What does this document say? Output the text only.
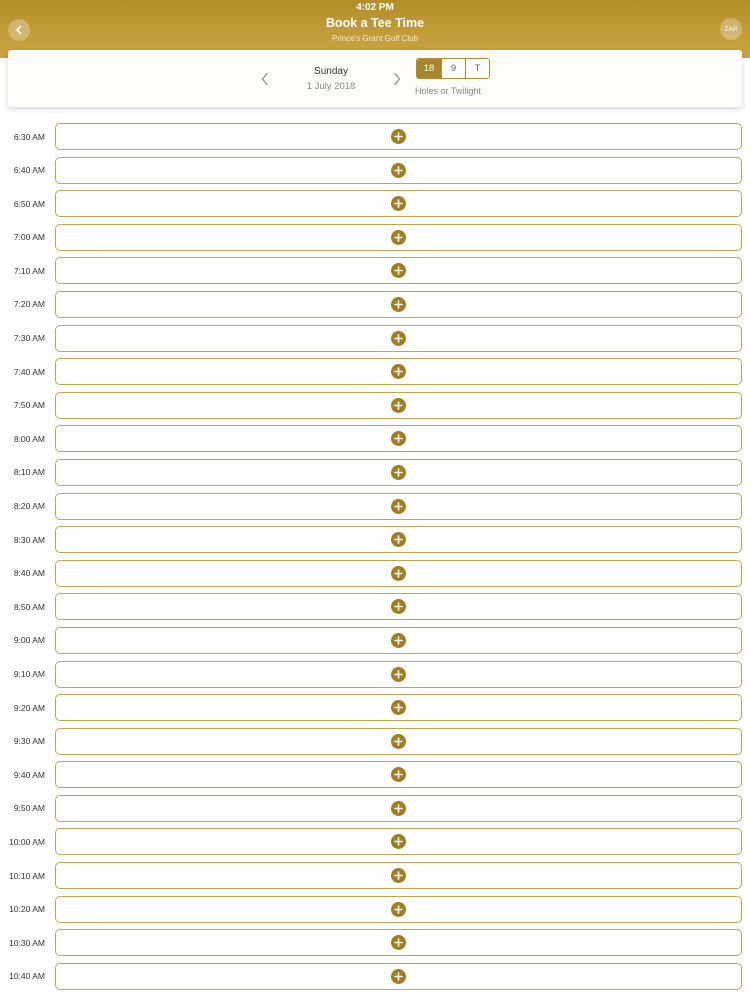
4:02 PM
Book a Tee Time
Prince's Grant Golf Club
ZAR
Sunday
1 July 2018
18	9	T
Holes or Twilight
6:30 AM
6:40 AM
6:50 AM
7:00 AM
7:10 AM
7:20 AM
7:30 AM
7:40 AM
7:50 AM
8:00 AM
8:10 AM
8:20 AM
8:30 AM
8:40 AM
8:50 AM
9:00 AM
9:10 AM
9:20 AM
9:30 AM
9:40 AM
9:50 AM
10:00 AM
10:10 AM
10:20 AM
10:30 AM
10:40 AM
